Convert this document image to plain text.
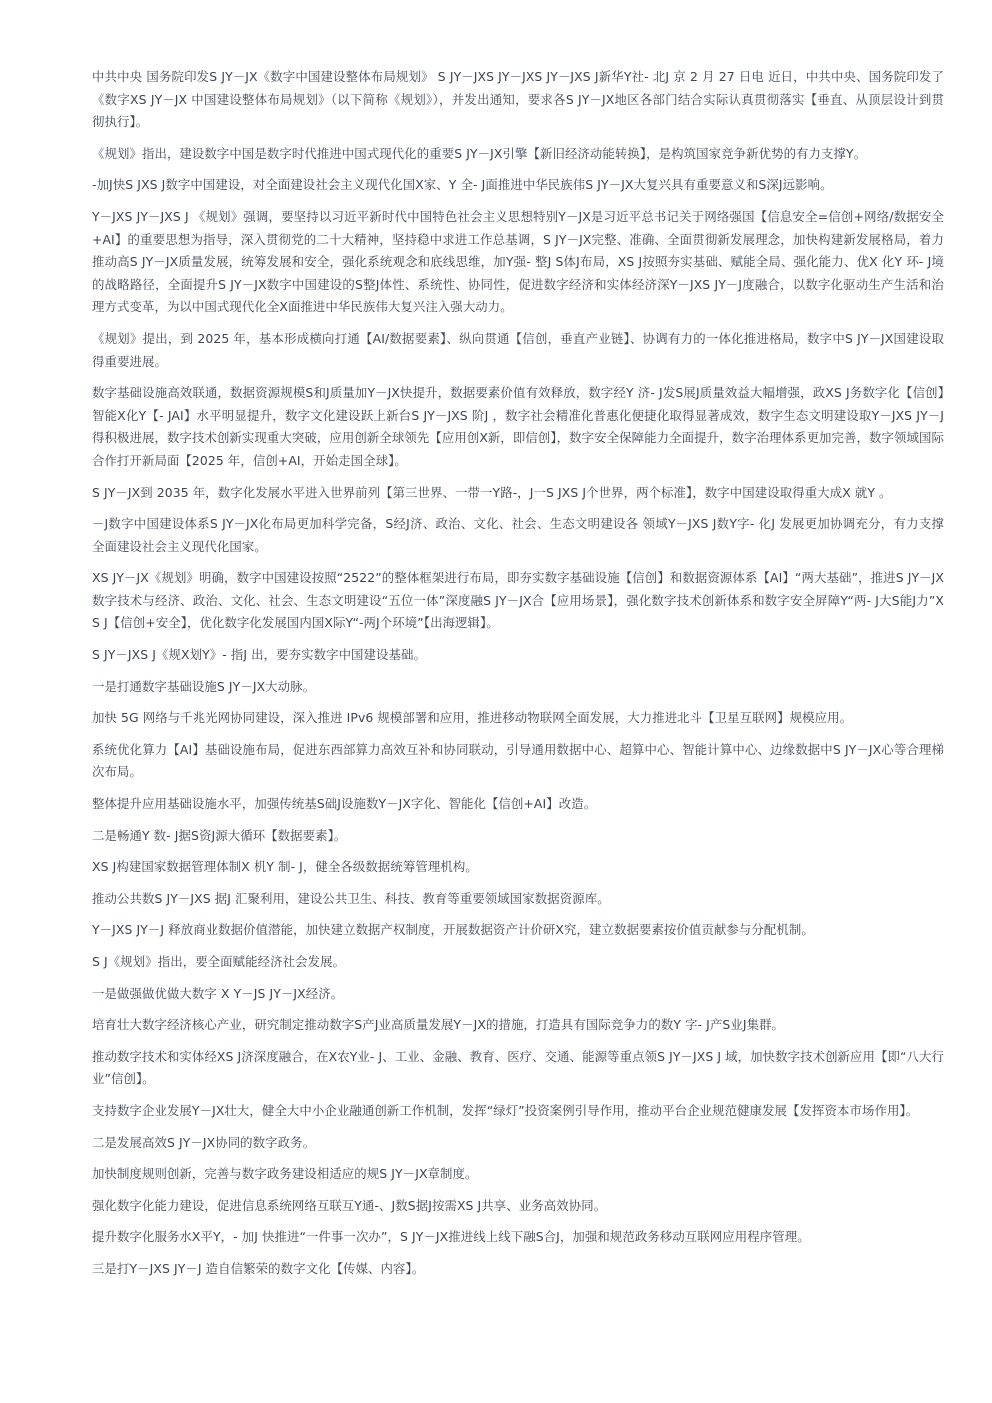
中共中央 国务院印发S JY－JX《数字中国建设整体布局规划》 S JY－JXS JY－JXS JY－JXS J新华Y社- 北J 京 2 月 27 日电 近日，中共中央、国务院印发了《数字XS JY－JX 中国建设整体布局规划》（以下简称《规划》），并发出通知，要求各S JY－JX地区各部门结合实际认真贯彻落实【垂直、从顶层设计到贯彻执行】。

《规划》指出，建设数字中国是数字时代推进中国式现代化的重要S JY－JX引擎【新旧经济动能转换】，是构筑国家竞争新优势的有力支撑Y。

-加J快S JXS J数字中国建设，对全面建设社会主义现代化国X家、Y 全- J面推进中华民族伟S JY－JX大复兴具有重要意义和S深J远影响。

Y－JXS JY－JXS J 《规划》强调，要坚持以习近平新时代中国特色社会主义思想特别Y－JX是习近平总书记关于网络强国【信息安全=信创+网络/数据安全+AI】的重要思想为指导，深入贯彻党的二十大精神，坚持稳中求进工作总基调，S JY－JX完整、准确、全面贯彻新发展理念，加快构建新发展格局，着力推动高S JY－JX质量发展，统筹发展和安全，强化系统观念和底线思维，加Y强- 整J S体J布局，XS J按照夯实基础、赋能全局、强化能力、优X 化Y 环- J境的战略路径，全面提升S JY－JX数字中国建设的S整J体性、系统性、协同性，促进数字经济和实体经济深Y－JXS JY－J度融合，以数字化驱动生产生活和治理方式变革，为以中国式现代化全X面推进中华民族伟大复兴注入强大动力。

《规划》提出，到 2025 年，基本形成横向打通【AI/数据要素】、纵向贯通【信创，垂直产业链】、协调有力的一体化推进格局，数字中S JY－JX国建设取得重要进展。

数字基础设施高效联通，数据资源规模S和J质量加Y－JX快提升，数据要素价值有效释放，数字经Y 济- J发S展J质量效益大幅增强，政XS J务数字化【信创】智能X化Y【- JAI】水平明显提升，数字文化建设跃上新台S JY－JXS 阶J ，数字社会精准化普惠化便捷化取得显著成效，数字生态文明建设取Y－JXS JY－J 得积极进展，数字技术创新实现重大突破，应用创新全球领先【应用创X新，即信创】，数字安全保障能力全面提升，数字治理体系更加完善，数字领域国际合作打开新局面【2025 年，信创+AI，开始走国全球】。

S JY－JX到 2035 年，数字化发展水平进入世界前列【第三世界、一带一Y路-，J一S JXS J个世界，两个标准】，数字中国建设取得重大成X 就Y 。

－J数字中国建设体系S JY－JX化布局更加科学完备，S经J济、政治、文化、社会、生态文明建设各 领域Y－JXS J数Y字- 化J 发展更加协调充分，有力支撑全面建设社会主义现代化国家。

XS JY－JX《规划》明确，数字中国建设按照“2522”的整体框架进行布局，即夯实数字基础设施【信创】和数据资源体系【AI】“两大基础”，推进S JY－JX数字技术与经济、政治、文化、社会、生态文明建设“五位一体”深度融S JY－JX合【应用场景】，强化数字技术创新体系和数字安全屏障Y“两- J大S能J力”XS J【信创+安全】，优化数字化发展国内国X际Y“-两J个环境”【出海逻辑】。

S JY－JXS J《规X划Y》- 指J 出，要夯实数字中国建设基础。

一是打通数字基础设施S JY－JX大动脉。

加快 5G 网络与千兆光网协同建设，深入推进 IPv6 规模部署和应用，推进移动物联网全面发展，大力推进北斗【卫星互联网】规模应用。

系统优化算力【AI】基础设施布局，促进东西部算力高效互补和协同联动，引导通用数据中心、超算中心、智能计算中心、边缘数据中S JY－JX心等合理梯次布局。

整体提升应用基础设施水平，加强传统基S础J设施数Y－JX字化、智能化【信创+AI】改造。

二是畅通Y 数- J据S资J源大循环【数据要素】。

XS J构建国家数据管理体制X 机Y 制- J，健全各级数据统筹管理机构。

推动公共数S JY－JXS 据J 汇聚利用，建设公共卫生、科技、教育等重要领域国家数据资源库。

Y－JXS JY－J 释放商业数据价值潜能，加快建立数据产权制度，开展数据资产计价研X究，建立数据要素按价值贡献参与分配机制。

S J《规划》指出，要全面赋能经济社会发展。

一是做强做优做大数字 X Y－JS JY－JX经济。

培育壮大数字经济核心产业，研究制定推动数字S产J业高质量发展Y－JX的措施，打造具有国际竞争力的数Y 字- J产S业J集群。

推动数字技术和实体经XS J济深度融合，在X农Y业- J、工业、金融、教育、医疗、交通、能源等重点领S JY－JXS J 域，加快数字技术创新应用【即“八大行业”信创】。

支持数字企业发展Y－JX壮大，健全大中小企业融通创新工作机制，发挥“绿灯”投资案例引导作用，推动平台企业规范健康发展【发挥资本市场作用】。

二是发展高效S JY－JX协同的数字政务。

加快制度规则创新，完善与数字政务建设相适应的规S JY－JX章制度。

强化数字化能力建设，促进信息系统网络互联互Y通-、J数S据J按需XS J共享、业务高效协同。

提升数字化服务水X平Y，- 加J 快推进“一件事一次办”，S JY－JX推进线上线下融S合J，加强和规范政务移动互联网应用程序管理。

三是打Y－JXS JY－J 造自信繁荣的数字文化【传媒、内容】。
